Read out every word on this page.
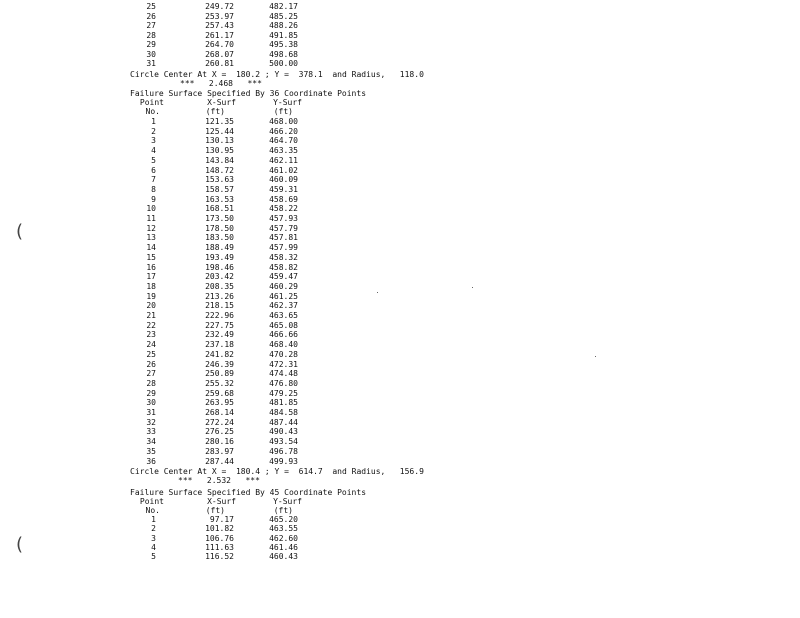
25	249.72	482.17
26	253.97	485.25
27	257.43	488.26
28	261.17	491.85
29	264.70	495.38
30	268.07	498.68
31	260.81	500.00
Circle Center At X = 180.2 ; Y = 378.1 and Radius, 118.0
*** 2.468 ***
Failure Surface Specified By 36 Coordinate Points
Point	X-Surf	Y-Surf
No.	(ft)	(ft)
1	121.35	468.00
2	125.44	466.20
3	130.13	464.70
4	130.95	463.35
5	143.84	462.11
6	148.72	461.02
7	153.63	460.09
8	158.57	459.31
9	163.53	458.69
10	168.51	458.22
11	173.50	457.93
12	178.50	457.79
13	183.50	457.81
14	188.49	457.99
15	193.49	458.32
16	198.46	458.82
17	203.42	459.47
18	208.35	460.29
19	213.26	461.25
20	218.15	462.37
21	222.96	463.65
22	227.75	465.08
23	232.49	466.66
24	237.18	468.40
25	241.82	470.28
26	246.39	472.31
27	250.89	474.48
28	255.32	476.80
29	259.68	479.25
30	263.95	481.85
31	268.14	484.58
32	272.24	487.44
33	276.25	490.43
34	280.16	493.54
35	283.97	496.78
36	287.44	499.93
Circle Center At X = 180.4 ; Y = 614.7 and Radius, 156.9
*** 2.532 ***
Failure Surface Specified By 45 Coordinate Points
Point	X-Surf	Y-Surf
No.	(ft)	(ft)
1	97.17	465.20
2	101.82	463.55
3	106.76	462.60
4	111.63	461.46
5	116.52	460.43
(
(
